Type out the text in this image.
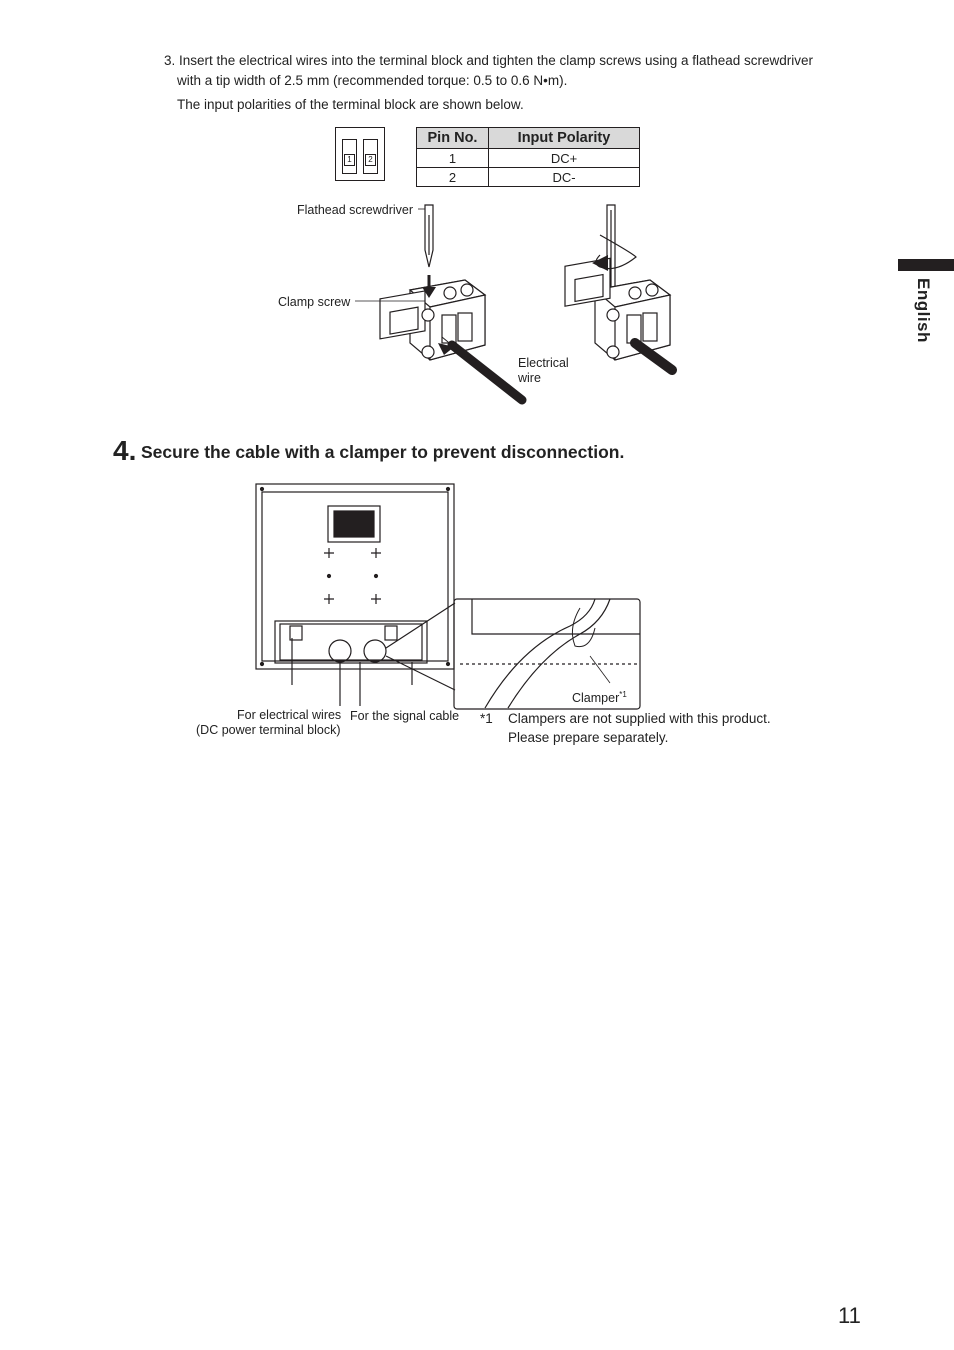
3. Insert the electrical wires into the terminal block and tighten the clamp screws using a flathead screwdriver
with a tip width of 2.5 mm (recommended torque: 0.5 to 0.6 N•m).
The input polarities of the terminal block are shown below.
1	2
Pin No.	Input Polarity
1	DC+
2	DC-
Flathead screwdriver
Clamp screw
Electrical
wire
4. Secure the cable with a clamper to prevent disconnection.
Clamper$^{*1}$
For electrical wires
(DC power terminal block)
For the signal cable *1 Clampers are not supplied with this product.
Please prepare separately.
English
11
